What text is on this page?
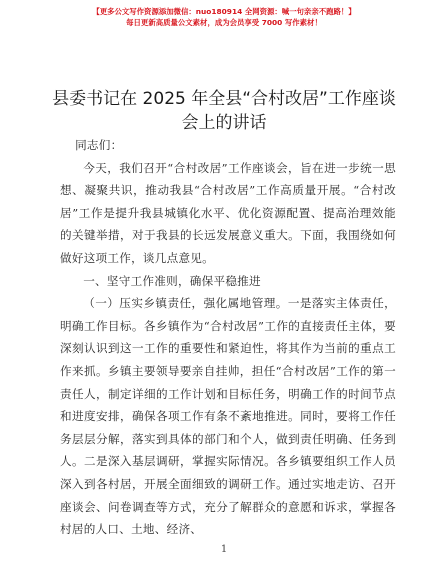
【更多公文写作资源添加微信：nuo180914 全网资源：喊一句亲亲不跑路！】
每日更新高质量公文素材，成为会员享受 7000 写作素材！
县委书记在 2025 年全县“合村改居”工作座谈
会上的讲话

同志们：

今天，我们召开“合村改居”工作座谈会，旨在进一步统一思想、凝聚共识，推动我县“合村改居”工作高质量开展。“合村改居”工作是提升我县城镇化水平、优化资源配置、提高治理效能的关键举措，对于我县的长远发展意义重大。下面，我围绕如何做好这项工作，谈几点意见。

一、坚守工作准则，确保平稳推进

（一）压实乡镇责任，强化属地管理。一是落实主体责任，明确工作目标。各乡镇作为“合村改居”工作的直接责任主体，要深刻认识到这一工作的重要性和紧迫性，将其作为当前的重点工作来抓。乡镇主要领导要亲自挂帅，担任“合村改居”工作的第一责任人，制定详细的工作计划和目标任务，明确工作的时间节点和进度安排，确保各项工作有条不紊地推进。同时，要将工作任务层层分解，落实到具体的部门和个人，做到责任明确、任务到人。二是深入基层调研，掌握实际情况。各乡镇要组织工作人员深入到各村居，开展全面细致的调研工作。通过实地走访、召开座谈会、问卷调查等方式，充分了解群众的意愿和诉求，掌握各村居的人口、土地、经济、

1
